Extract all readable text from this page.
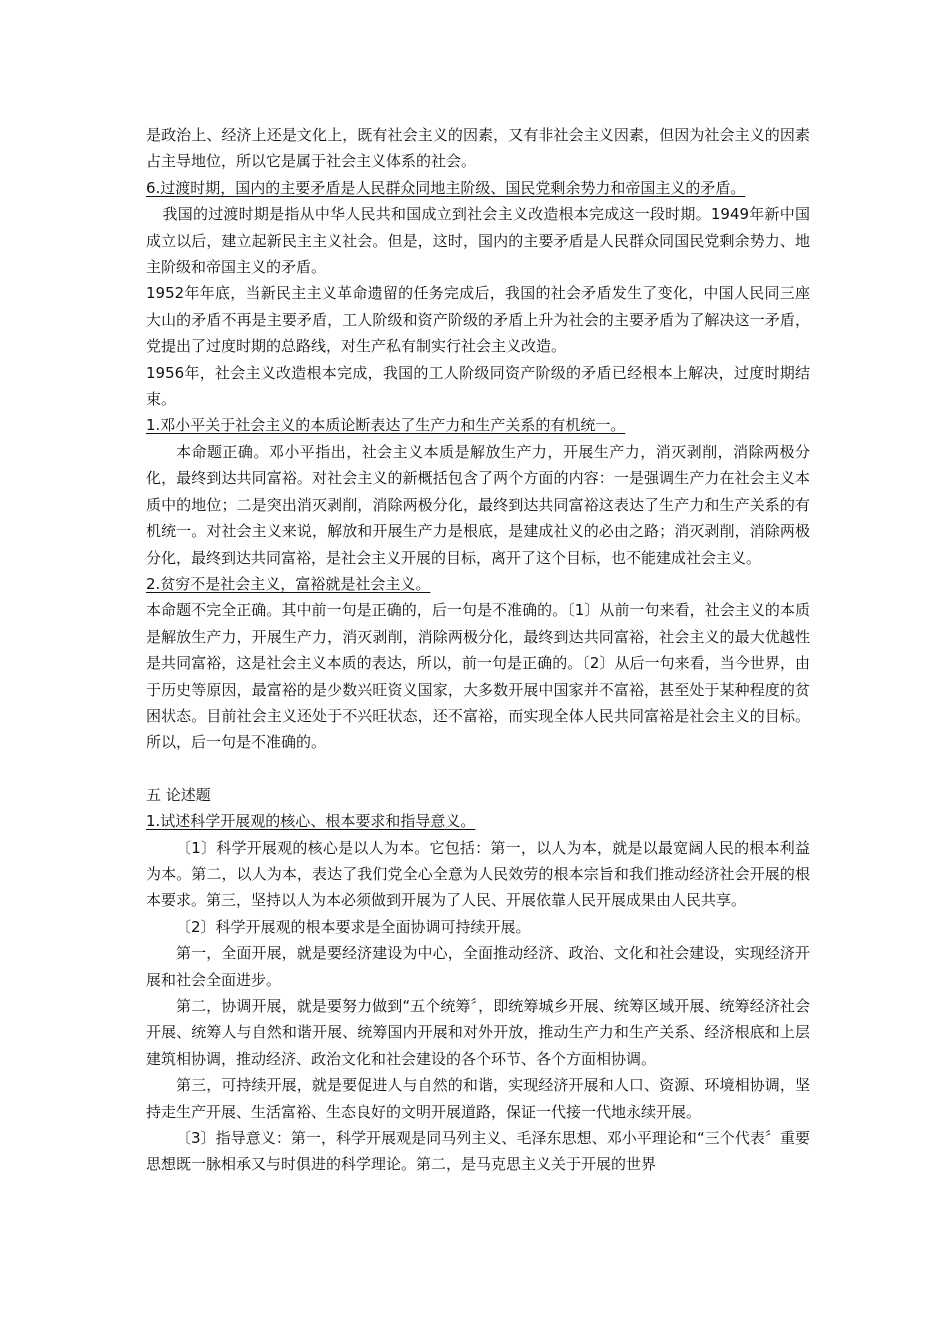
是政治上、经济上还是文化上，既有社会主义的因素，又有非社会主义因素，但因为社会主义的因素占主导地位，所以它是属于社会主义体系的社会。

6.过渡时期，国内的主要矛盾是人民群众同地主阶级、国民党剩余势力和帝国主义的矛盾。

我国的过渡时期是指从中华人民共和国成立到社会主义改造根本完成这一段时期。1949年新中国成立以后，建立起新民主主义社会。但是，这时，国内的主要矛盾是人民群众同国民党剩余势力、地主阶级和帝国主义的矛盾。

1952年年底，当新民主主义革命遗留的任务完成后，我国的社会矛盾发生了变化，中国人民同三座大山的矛盾不再是主要矛盾，工人阶级和资产阶级的矛盾上升为社会的主要矛盾为了解决这一矛盾，党提出了过度时期的总路线，对生产私有制实行社会主义改造。

1956年，社会主义改造根本完成，我国的工人阶级同资产阶级的矛盾已经根本上解决，过度时期结束。

1.邓小平关于社会主义的本质论断表达了生产力和生产关系的有机统一。

本命题正确。邓小平指出，社会主义本质是解放生产力，开展生产力，消灭剥削，消除两极分化，最终到达共同富裕。对社会主义的新概括包含了两个方面的内容：一是强调生产力在社会主义本质中的地位；二是突出消灭剥削，消除两极分化，最终到达共同富裕这表达了生产力和生产关系的有机统一。对社会主义来说，解放和开展生产力是根底，是建成社义的必由之路；消灭剥削，消除两极分化，最终到达共同富裕，是社会主义开展的目标，离开了这个目标，也不能建成社会主义。

2.贫穷不是社会主义，富裕就是社会主义。

本命题不完全正确。其中前一句是正确的，后一句是不准确的。〔1〕从前一句来看，社会主义的本质是解放生产力，开展生产力，消灭剥削，消除两极分化，最终到达共同富裕，社会主义的最大优越性是共同富裕，这是社会主义本质的表达，所以，前一句是正确的。〔2〕从后一句来看，当今世界，由于历史等原因，最富裕的是少数兴旺资义国家，大多数开展中国家并不富裕，甚至处于某种程度的贫困状态。目前社会主义还处于不兴旺状态，还不富裕，而实现全体人民共同富裕是社会主义的目标。所以，后一句是不准确的。

五 论述题

1.试述科学开展观的核心、根本要求和指导意义。

〔1〕科学开展观的核心是以人为本。它包括：第一，以人为本，就是以最宽阔人民的根本利益为本。第二，以人为本，表达了我们党全心全意为人民效劳的根本宗旨和我们推动经济社会开展的根本要求。第三，坚持以人为本必须做到开展为了人民、开展依靠人民开展成果由人民共享。

〔2〕科学开展观的根本要求是全面协调可持续开展。

第一，全面开展，就是要经济建设为中心，全面推动经济、政治、文化和社会建设，实现经济开展和社会全面进步。

第二，协调开展，就是要努力做到“五个统筹〞，即统筹城乡开展、统筹区域开展、统筹经济社会开展、统筹人与自然和谐开展、统筹国内开展和对外开放，推动生产力和生产关系、经济根底和上层建筑相协调，推动经济、政治文化和社会建设的各个环节、各个方面相协调。

第三，可持续开展，就是要促进人与自然的和谐，实现经济开展和人口、资源、环境相协调，坚持走生产开展、生活富裕、生态良好的文明开展道路，保证一代接一代地永续开展。

〔3〕指导意义：第一，科学开展观是同马列主义、毛泽东思想、邓小平理论和“三个代表〞重要思想既一脉相承又与时俱进的科学理论。第二，是马克思主义关于开展的世界
